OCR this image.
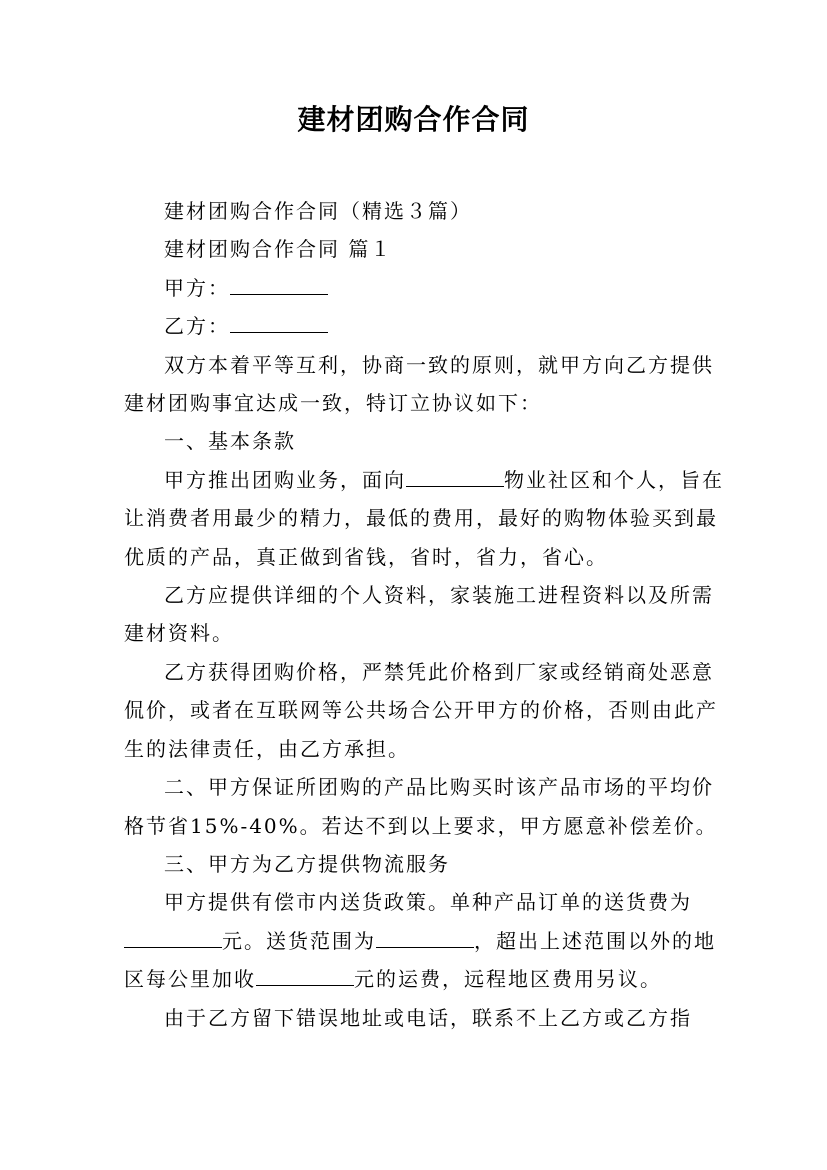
建材团购合作合同

建材团购合作合同（精选３篇）

建材团购合作合同 篇１

甲方：

乙方：

双方本着平等互利，协商一致的原则，就甲方向乙方提供建材团购事宜达成一致，特订立协议如下：

一、基本条款

甲方推出团购业务，面向	物业社区和个人，旨在让消费者用最少的精力，最低的费用，最好的购物体验买到最优质的产品，真正做到省钱，省时，省力，省心。

乙方应提供详细的个人资料，家装施工进程资料以及所需建材资料。

乙方获得团购价格，严禁凭此价格到厂家或经销商处恶意侃价，或者在互联网等公共场合公开甲方的价格，否则由此产生的法律责任，由乙方承担。

二、甲方保证所团购的产品比购买时该产品市场的平均价格节省15%-40%。若达不到以上要求，甲方愿意补偿差价。

三、甲方为乙方提供物流服务

甲方提供有偿市内送货政策。单种产品订单的送货费为元。送货范围为	，超出上述范围以外的地区每公里加收	元的运费，远程地区费用另议。

由于乙方留下错误地址或电话，联系不上乙方或乙方指
